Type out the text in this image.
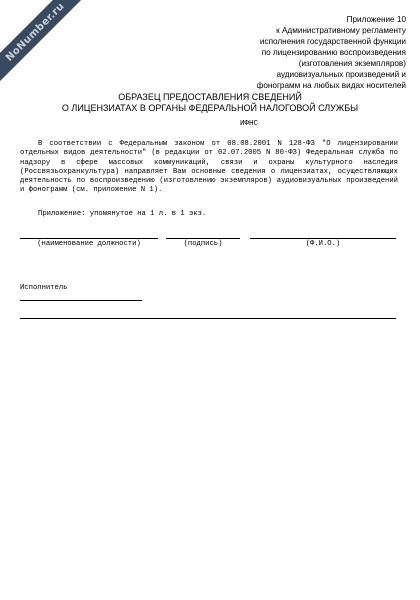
NoNumber.ru	Приложение 10
к Административному регламенту
исполнения государственной функции
по лицензированию воспроизведения
(изготовления экземпляров)
аудиовизуальных произведений и
фонограмм на любых видах носителей
ОБРАЗЕЦ ПРЕДОСТАВЛЕНИЯ СВЕДЕНИЙ
О ЛИЦЕНЗИАТАХ В ОРГАНЫ ФЕДЕРАЛЬНОЙ НАЛОГОВОЙ СЛУЖБЫ
ИФНС
В соответствии с Федеральным законом от 08.08.2001 N 128-ФЗ "О лицензировании отдельных видов деятельности" (в редакции от 02.07.2005 N 80-ФЗ) Федеральная служба по надзору в сфере массовых коммуникаций, связи и охраны культурного наследия (Россвязьохранкультура) направляет Вам основные сведения о лицензиатах, осуществляющих деятельность по воспроизведению (изготовлению экземпляров) аудиовизуальных произведений и фонограмм (см. приложение N 1).
Приложение: упомянутое на 1 л. в 1 экз.
(наименование должности)	(подпись)	(Ф.И.О.)
Исполнитель
